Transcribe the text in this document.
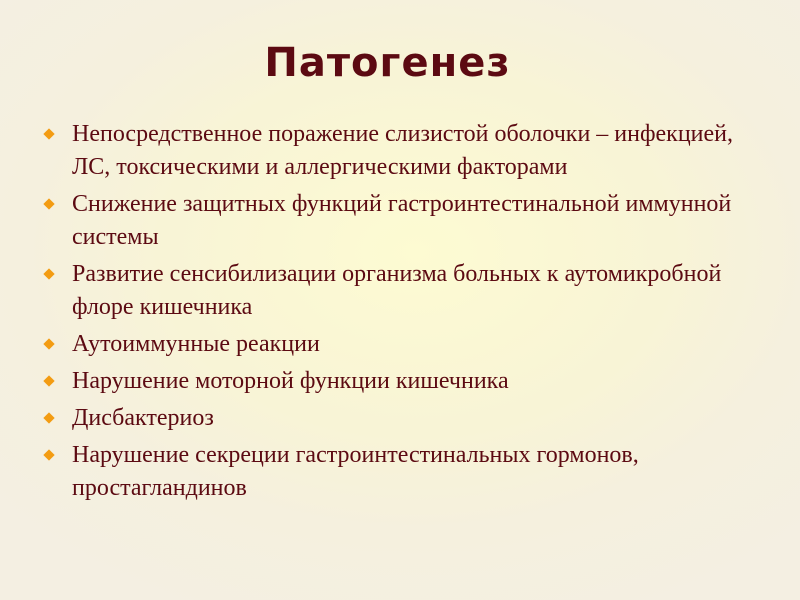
Патогенез
Непосредственное поражение слизистой оболочки – инфекцией, ЛС, токсическими и аллергическими факторами
Снижение защитных функций гастроинтестинальной иммунной системы
Развитие сенсибилизации организма больных к аутомикробной флоре кишечника
Аутоиммунные реакции
Нарушение моторной функции кишечника
Дисбактериоз
Нарушение секреции гастроинтестинальных гормонов, простагландинов
